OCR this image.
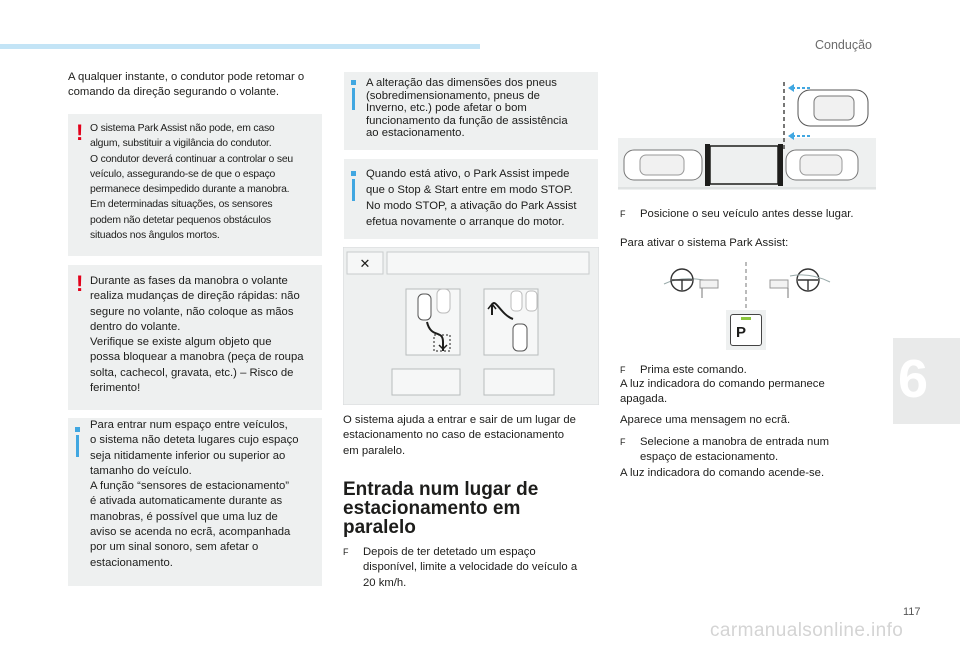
Condução
6
A qualquer instante, o condutor pode retomar o
comando da direção segurando o volante.
! O sistema Park Assist não pode, em caso
algum, substituir a vigilância do condutor.
O condutor deverá continuar a controlar o seu
veículo, assegurando-se de que o espaço
permanece desimpedido durante a manobra.
Em determinadas situações, os sensores
podem não detetar pequenos obstáculos
situados nos ângulos mortos.
! Durante as fases da manobra o volante
realiza mudanças de direção rápidas: não
segure no volante, não coloque as mãos
dentro do volante.
Verifique se existe algum objeto que
possa bloquear a manobra (peça de roupa
solta, cachecol, gravata, etc.) – Risco de
ferimento!
Para entrar num espaço entre veículos,
o sistema não deteta lugares cujo espaço
seja nitidamente inferior ou superior ao
tamanho do veículo.
A função “sensores de estacionamento”
é ativada automaticamente durante as
manobras, é possível que uma luz de
aviso se acenda no ecrã, acompanhada
por um sinal sonoro, sem afetar o
estacionamento.
A alteração das dimensões dos pneus
(sobredimensionamento, pneus de
Inverno, etc.) pode afetar o bom
funcionamento da função de assistência
ao estacionamento.
Quando está ativo, o Park Assist impede
que o Stop & Start entre em modo STOP.
No modo STOP, a ativação do Park Assist
efetua novamente o arranque do motor.
✕
O sistema ajuda a entrar e sair de um lugar de
estacionamento no caso de estacionamento
em paralelo.
Entrada num lugar de
estacionamento em
paralelo
F	Depois de ter detetado um espaço
disponível, limite a velocidade do veículo a
20 km/h.
F	Posicione o seu veículo antes desse lugar.
Para ativar o sistema Park Assist:
P
F	Prima este comando.
A luz indicadora do comando permanece
apagada.
Aparece uma mensagem no ecrã.
F	Selecione a manobra de entrada num
espaço de estacionamento.
A luz indicadora do comando acende-se.
117
carmanualsonline.info
